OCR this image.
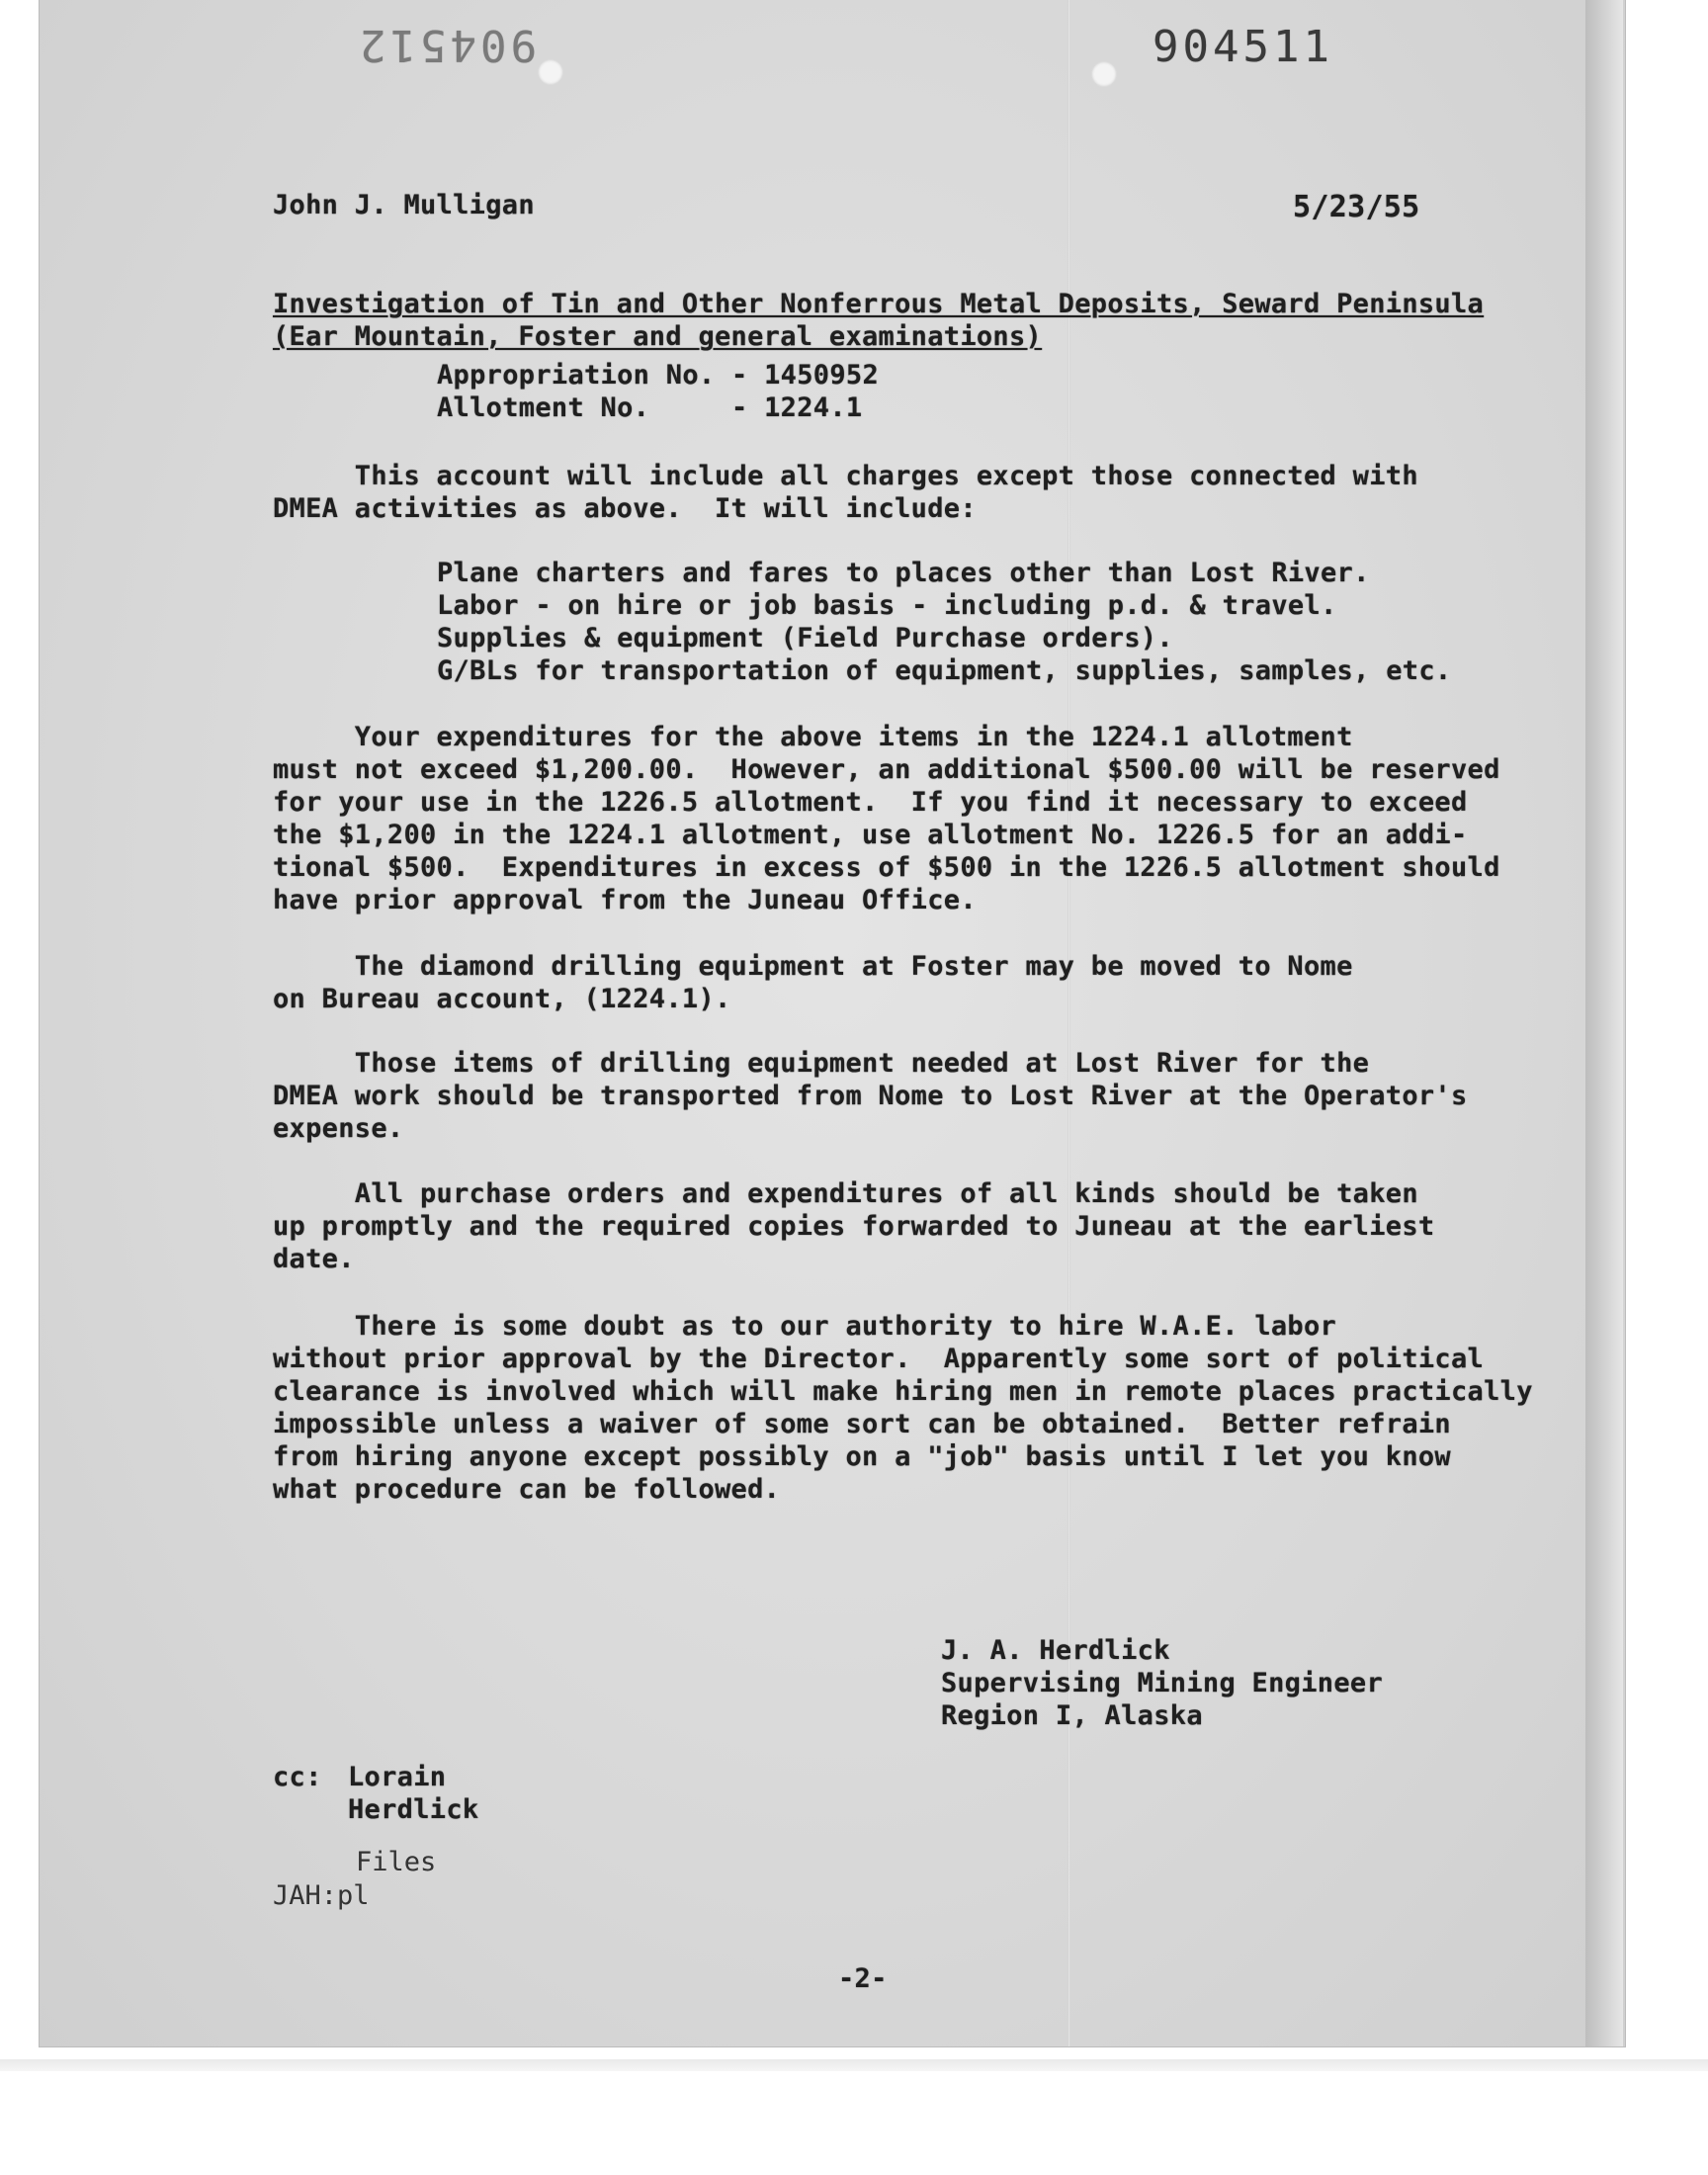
904512	904511
John J. Mulligan	5/23/55
Investigation of Tin and Other Nonferrous Metal Deposits, Seward Peninsula
(Ear Mountain, Foster and general examinations)
Appropriation No. - 1450952
Allotment No.     - 1224.1
This account will include all charges except those connected with
DMEA activities as above.  It will include:
Plane charters and fares to places other than Lost River.
Labor - on hire or job basis - including p.d. & travel.
Supplies & equipment (Field Purchase orders).
G/BLs for transportation of equipment, supplies, samples, etc.
Your expenditures for the above items in the 1224.1 allotment
must not exceed $1,200.00.  However, an additional $500.00 will be reserved
for your use in the 1226.5 allotment.  If you find it necessary to exceed
the $1,200 in the 1224.1 allotment, use allotment No. 1226.5 for an addi-
tional $500.  Expenditures in excess of $500 in the 1226.5 allotment should
have prior approval from the Juneau Office.
The diamond drilling equipment at Foster may be moved to Nome
on Bureau account, (1224.1).
Those items of drilling equipment needed at Lost River for the
DMEA work should be transported from Nome to Lost River at the Operator's
expense.
All purchase orders and expenditures of all kinds should be taken
up promptly and the required copies forwarded to Juneau at the earliest
date.
There is some doubt as to our authority to hire W.A.E. labor
without prior approval by the Director.  Apparently some sort of political
clearance is involved which will make hiring men in remote places practically
impossible unless a waiver of some sort can be obtained.  Better refrain
from hiring anyone except possibly on a "job" basis until I let you know
what procedure can be followed.
J. A. Herdlick
Supervising Mining Engineer
Region I, Alaska
cc: Lorain
Herdlick
Files
JAH:pl
-2-
